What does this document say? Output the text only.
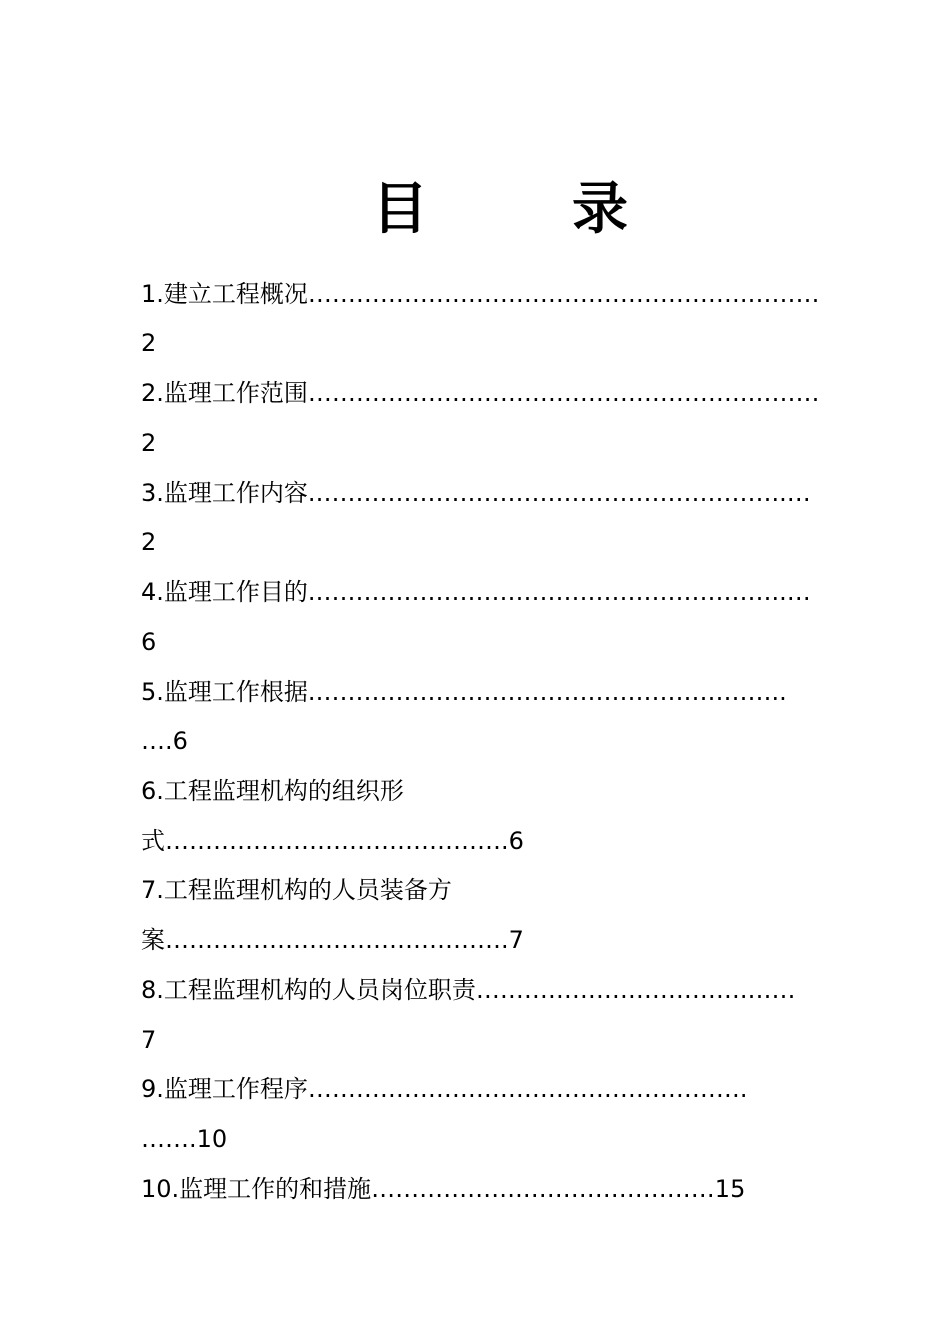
目	录
1.建立工程概况……………………………………………….………
2
2.监理工作范围……………………………………………….………
2
3.监理工作内容.…………………………………………………..…
2
4.监理工作目的.…………………………………………………..…
6
5.监理工作根据.…………………………………………………..
….6
6.工程监理机构的组织形
式…………………………………….6
7.工程监理机构的人员装备方
案…………………………………….7
8.工程监理机构的人员岗位职责…………………………….……
7
9.监理工作程序……………………………………………….
…….10
10.监理工作的和措施……………….……………………15
